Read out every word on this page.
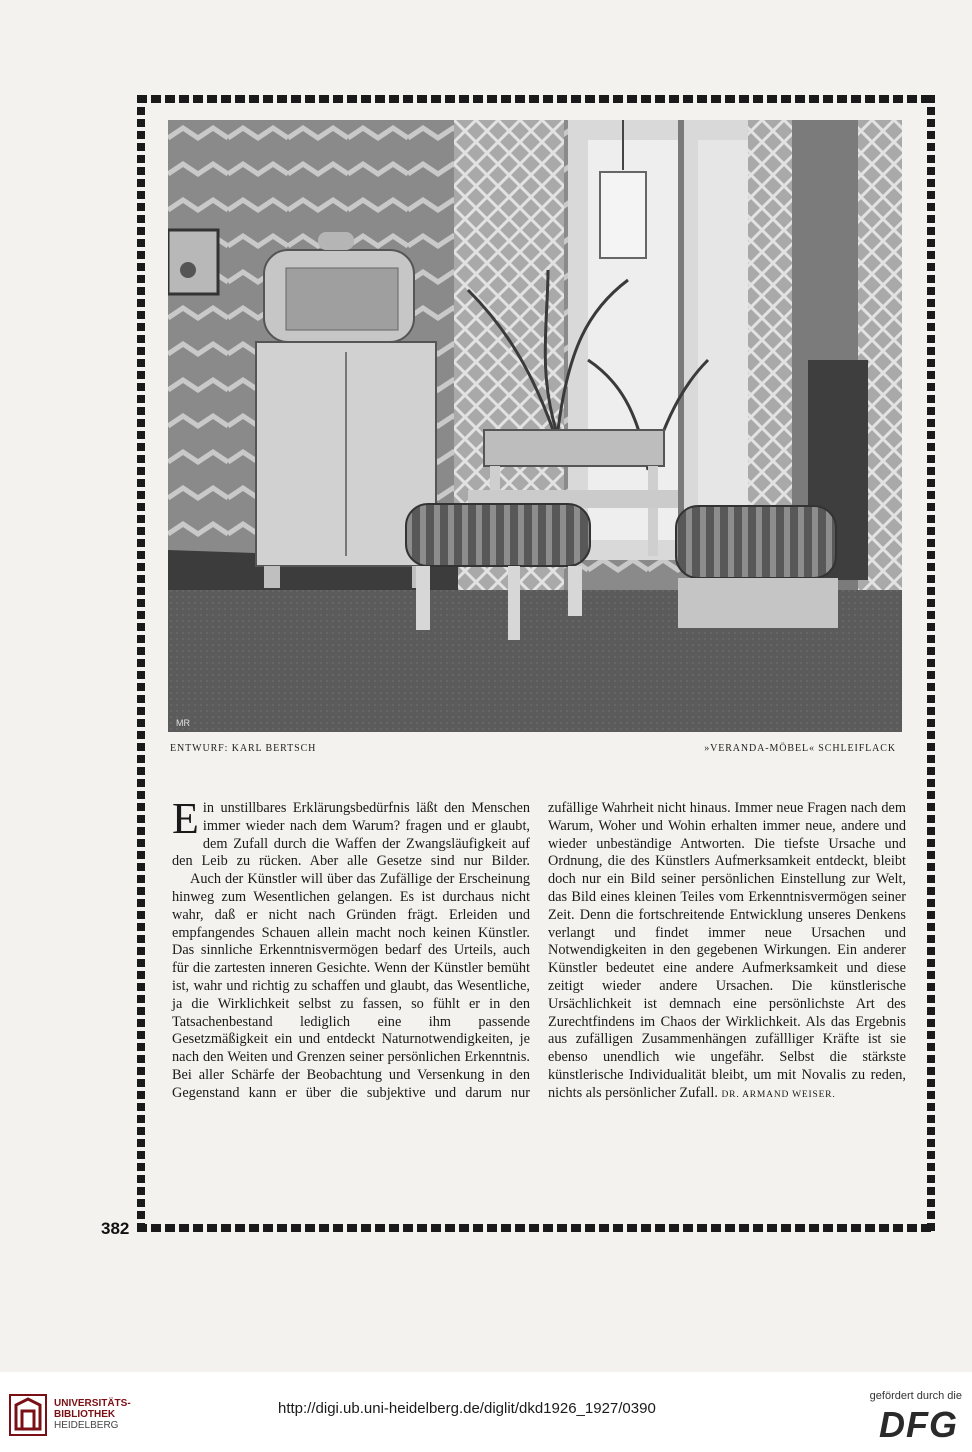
382
MR
ENTWURF: KARL BERTSCH	»VERANDA-MÖBEL« SCHLEIFLACK

Ein unstillbares Erklärungsbedürfnis läßt den Menschen immer wieder nach dem Warum? fragen und er glaubt, dem Zufall durch die Waffen der Zwangsläufigkeit auf den Leib zu rücken. Aber alle Gesetze sind nur Bilder.

Auch der Künstler will über das Zufällige der Erscheinung hinweg zum Wesentlichen gelangen. Es ist durchaus nicht wahr, daß er nicht nach Gründen frägt. Erleiden und empfangendes Schauen allein macht noch keinen Künstler. Das sinnliche Erkenntnisvermögen bedarf des Urteils, auch für die zartesten inneren Gesichte. Wenn der Künstler bemüht ist, wahr und richtig zu schaffen und glaubt, das Wesentliche, ja die Wirklichkeit selbst zu fassen, so fühlt er in den Tatsachenbestand lediglich eine ihm passende Gesetzmäßigkeit ein und entdeckt Naturnotwendigkeiten, je nach den Weiten und Grenzen seiner persönlichen Erkenntnis. Bei aller Schärfe der Beobachtung und Versenkung in den Gegenstand kann er über die subjektive und darum nur

zufällige Wahrheit nicht hinaus. Immer neue Fragen nach dem Warum, Woher und Wohin erhalten immer neue, andere und wieder unbeständige Antworten. Die tiefste Ursache und Ordnung, die des Künstlers Aufmerksamkeit entdeckt, bleibt doch nur ein Bild seiner persönlichen Einstellung zur Welt, das Bild eines kleinen Teiles vom Erkenntnisvermögen seiner Zeit. Denn die fortschreitende Entwicklung unseres Denkens verlangt und findet immer neue Ursachen und Notwendigkeiten in den gegebenen Wirkungen. Ein anderer Künstler bedeutet eine andere Aufmerksamkeit und diese zeitigt wieder andere Ursachen. Die künstlerische Ursächlichkeit ist demnach eine persönlichste Art des Zurechtfindens im Chaos der Wirklichkeit. Als das Ergebnis aus zufälligen Zusammenhängen zufällliger Kräfte ist sie ebenso unendlich wie ungefähr. Selbst die stärkste künstlerische Individualität bleibt, um mit Novalis zu reden, nichts als persönlicher Zufall. DR. ARMAND WEISER.

UNIVERSITÄTS-
BIBLIOTHEK
HEIDELBERG
http://digi.ub.uni-heidelberg.de/diglit/dkd1926_1927/0390
gefördert durch die
DFG
